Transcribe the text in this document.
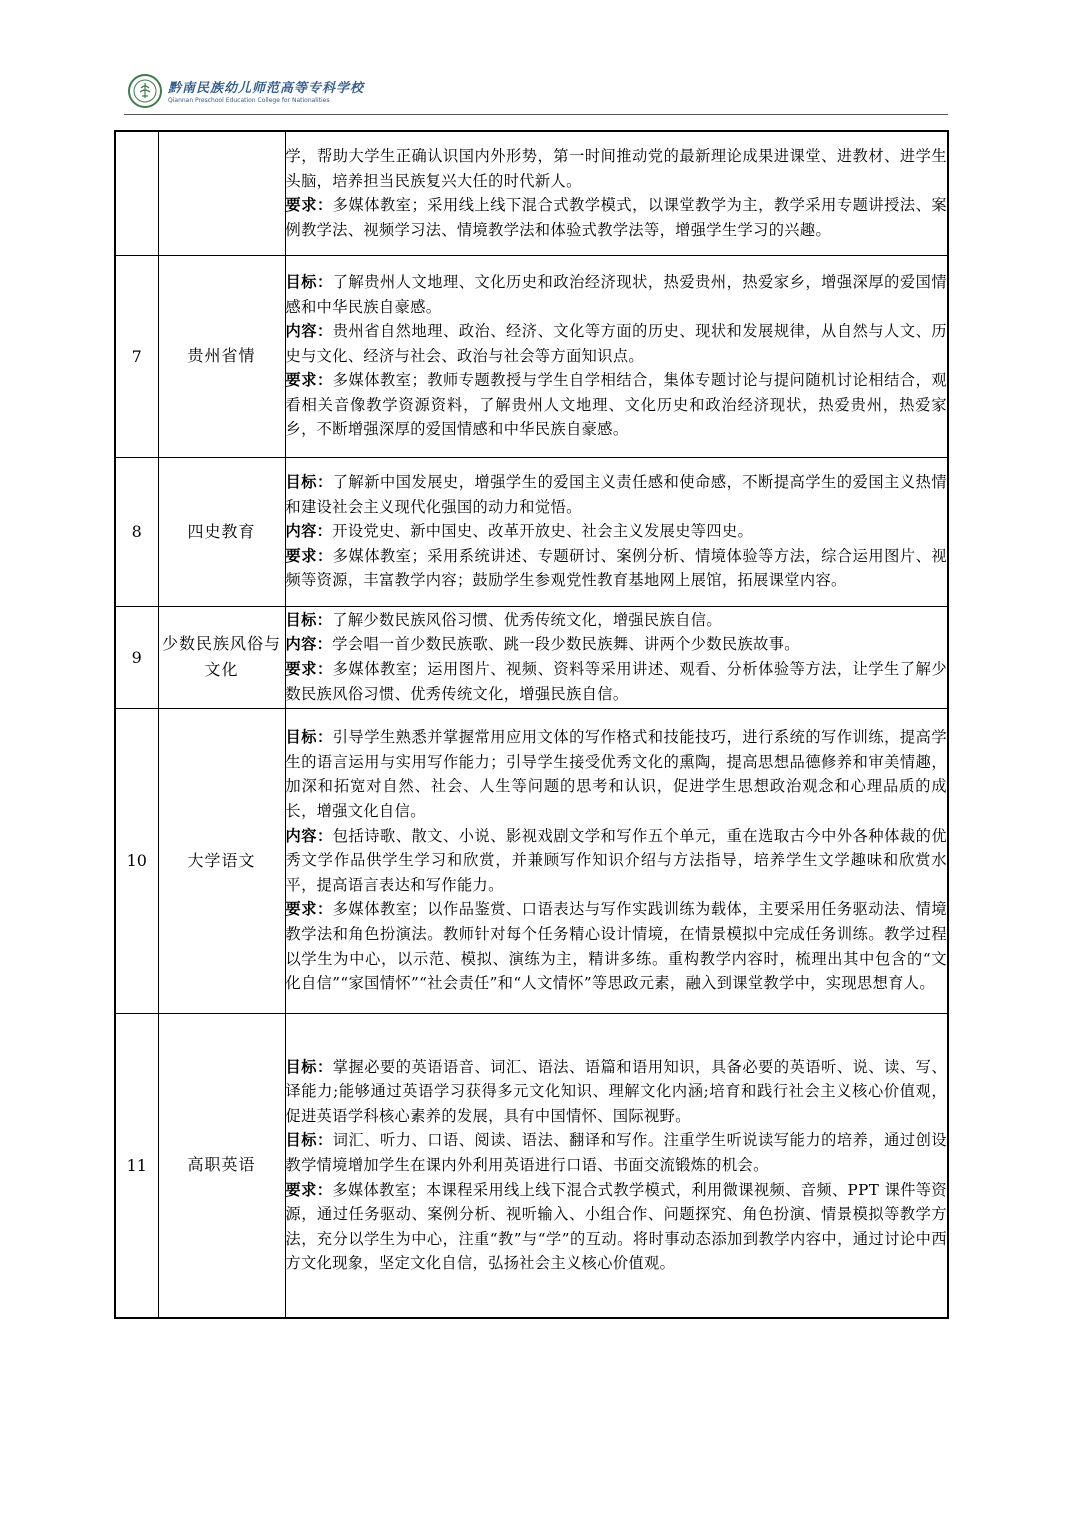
黔南民族幼儿师范高等专科学校
Qiannan Preschool Education College for Nationalities

		学，帮助大学生正确认识国内外形势，第一时间推动党的最新理论成果进课堂、进教材、进学生头脑，培养担当民族复兴大任的时代新人。

要求：多媒体教室；采用线上线下混合式教学模式，以课堂教学为主，教学采用专题讲授法、案例教学法、视频学习法、情境教学法和体验式教学法等，增强学生学习的兴趣。

7	贵州省情	目标：了解贵州人文地理、文化历史和政治经济现状，热爱贵州，热爱家乡，增强深厚的爱国情感和中华民族自豪感。

内容：贵州省自然地理、政治、经济、文化等方面的历史、现状和发展规律，从自然与人文、历史与文化、经济与社会、政治与社会等方面知识点。

要求：多媒体教室；教师专题教授与学生自学相结合，集体专题讨论与提问随机讨论相结合，观看相关音像教学资源资料，了解贵州人文地理、文化历史和政治经济现状，热爱贵州，热爱家乡，不断增强深厚的爱国情感和中华民族自豪感。

8	四史教育	目标：了解新中国发展史，增强学生的爱国主义责任感和使命感，不断提高学生的爱国主义热情和建设社会主义现代化强国的动力和觉悟。

内容：开设党史、新中国史、改革开放史、社会主义发展史等四史。

要求：多媒体教室；采用系统讲述、专题研讨、案例分析、情境体验等方法，综合运用图片、视频等资源，丰富教学内容；鼓励学生参观党性教育基地网上展馆，拓展课堂内容。

9	少数民族风俗与文化	目标：了解少数民族风俗习惯、优秀传统文化，增强民族自信。

内容：学会唱一首少数民族歌、跳一段少数民族舞、讲两个少数民族故事。

要求：多媒体教室；运用图片、视频、资料等采用讲述、观看、分析体验等方法，让学生了解少数民族风俗习惯、优秀传统文化，增强民族自信。

10	大学语文	目标：引导学生熟悉并掌握常用应用文体的写作格式和技能技巧，进行系统的写作训练，提高学生的语言运用与实用写作能力；引导学生接受优秀文化的熏陶，提高思想品德修养和审美情趣，加深和拓宽对自然、社会、人生等问题的思考和认识，促进学生思想政治观念和心理品质的成长，增强文化自信。

内容：包括诗歌、散文、小说、影视戏剧文学和写作五个单元，重在选取古今中外各种体裁的优秀文学作品供学生学习和欣赏，并兼顾写作知识介绍与方法指导，培养学生文学趣味和欣赏水平，提高语言表达和写作能力。

要求：多媒体教室；以作品鉴赏、口语表达与写作实践训练为载体，主要采用任务驱动法、情境教学法和角色扮演法。教师针对每个任务精心设计情境，在情景模拟中完成任务训练。教学过程以学生为中心，以示范、模拟、演练为主，精讲多练。重构教学内容时，梳理出其中包含的“文化自信”“家国情怀”“社会责任”和“人文情怀”等思政元素，融入到课堂教学中，实现思想育人。

11	高职英语	目标：掌握必要的英语语音、词汇、语法、语篇和语用知识，具备必要的英语听、说、读、写、译能力;能够通过英语学习获得多元文化知识、理解文化内涵;培育和践行社会主义核心价值观，促进英语学科核心素养的发展，具有中国情怀、国际视野。

目标：词汇、听力、口语、阅读、语法、翻译和写作。注重学生听说读写能力的培养，通过创设教学情境增加学生在课内外利用英语进行口语、书面交流锻炼的机会。

要求：多媒体教室；本课程采用线上线下混合式教学模式，利用微课视频、音频、PPT 课件等资源，通过任务驱动、案例分析、视听输入、小组合作、问题探究、角色扮演、情景模拟等教学方法，充分以学生为中心，注重“教”与“学”的互动。将时事动态添加到教学内容中，通过讨论中西方文化现象，坚定文化自信，弘扬社会主义核心价值观。
